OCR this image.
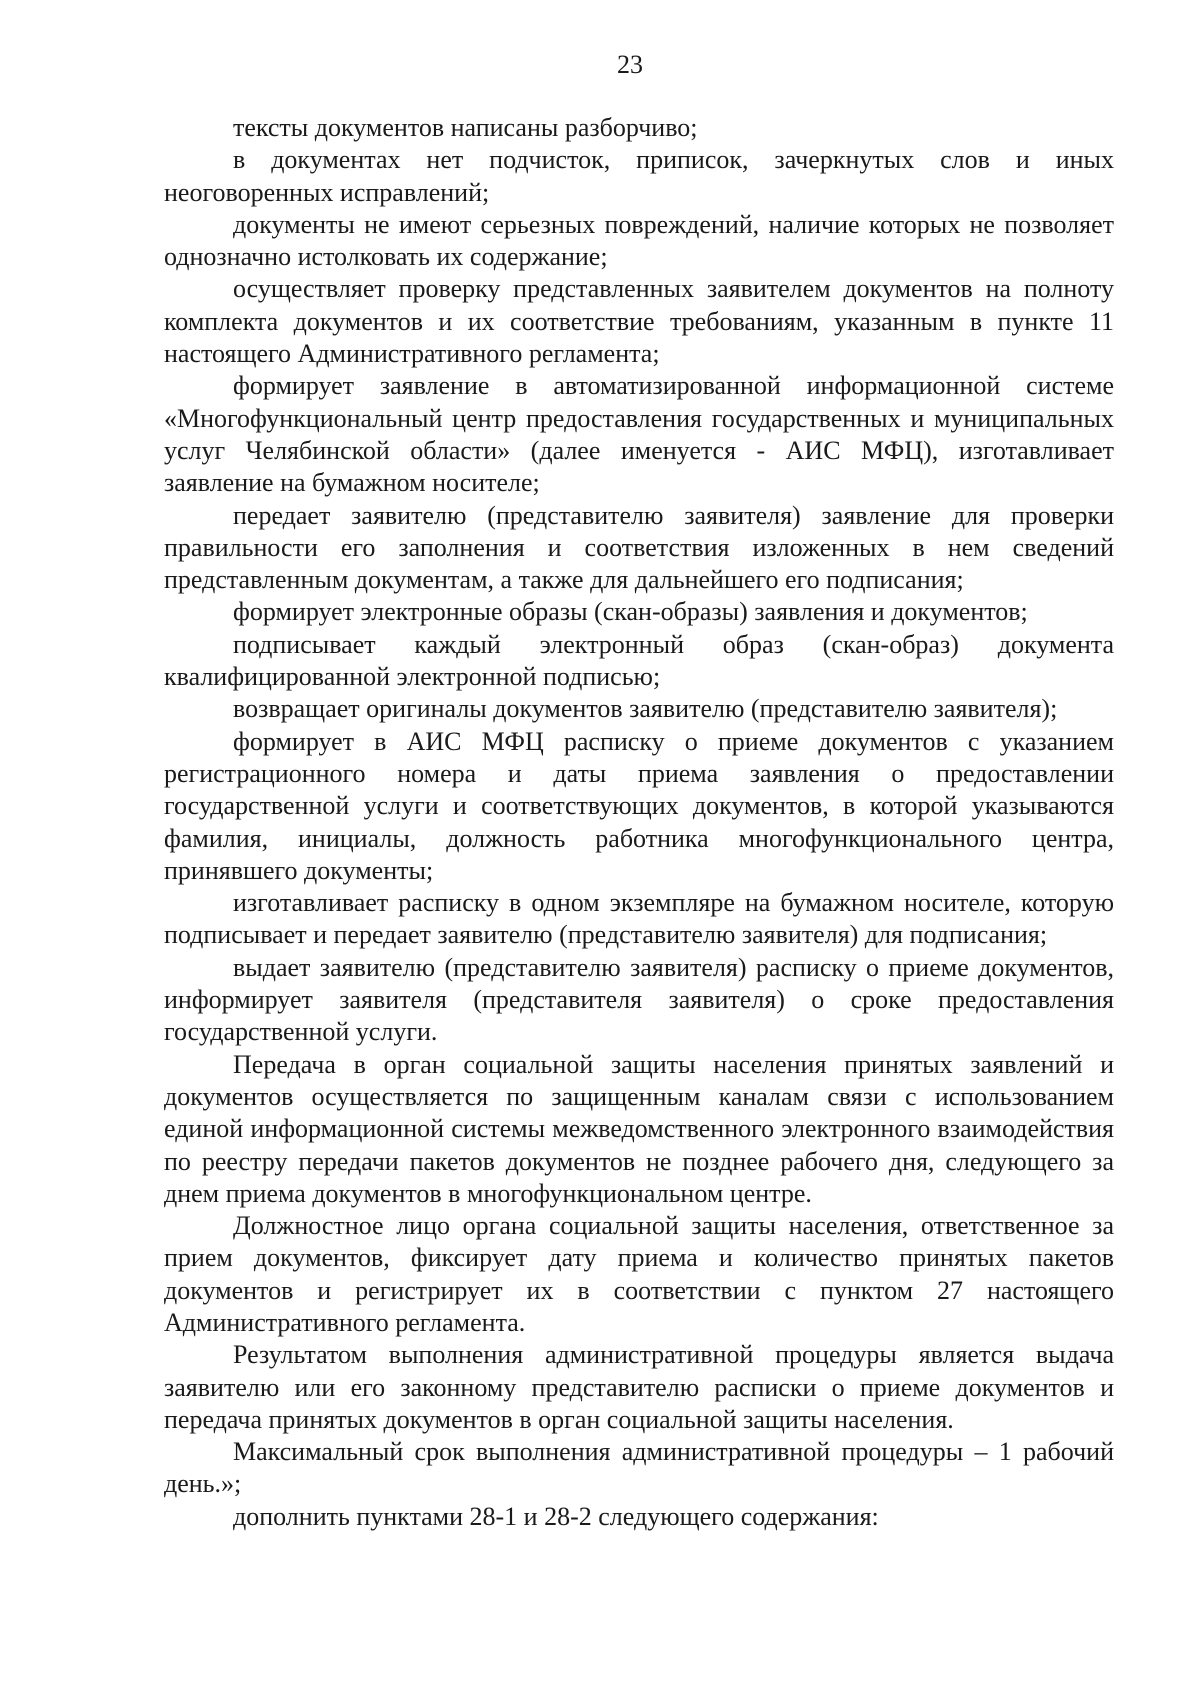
23

тексты документов написаны разборчиво;

в документах нет подчисток, приписок, зачеркнутых слов и иных неоговоренных исправлений;

документы не имеют серьезных повреждений, наличие которых не позволяет однозначно истолковать их содержание;

осуществляет проверку представленных заявителем документов на полноту комплекта документов и их соответствие требованиям, указанным в пункте 11 настоящего Административного регламента;

формирует заявление в автоматизированной информационной системе «Многофункциональный центр предоставления государственных и муниципальных услуг Челябинской области» (далее именуется - АИС МФЦ), изготавливает заявление на бумажном носителе;

передает заявителю (представителю заявителя) заявление для проверки правильности его заполнения и соответствия изложенных в нем сведений представленным документам, а также для дальнейшего его подписания;

формирует электронные образы (скан-образы) заявления и документов;

подписывает каждый электронный образ (скан-образ) документа квалифицированной электронной подписью;

возвращает оригиналы документов заявителю (представителю заявителя);

формирует в АИС МФЦ расписку о приеме документов с указанием регистрационного номера и даты приема заявления о предоставлении государственной услуги и соответствующих документов, в которой указываются фамилия, инициалы, должность работника многофункционального центра, принявшего документы;

изготавливает расписку в одном экземпляре на бумажном носителе, которую подписывает и передает заявителю (представителю заявителя) для подписания;

выдает заявителю (представителю заявителя) расписку о приеме документов, информирует заявителя (представителя заявителя) о сроке предоставления государственной услуги.

Передача в орган социальной защиты населения принятых заявлений и документов осуществляется по защищенным каналам связи с использованием единой информационной системы межведомственного электронного взаимодействия по реестру передачи пакетов документов не позднее рабочего дня, следующего за днем приема документов в многофункциональном центре.

Должностное лицо органа социальной защиты населения, ответственное за прием документов, фиксирует дату приема и количество принятых пакетов документов и регистрирует их в соответствии с пунктом 27 настоящего Административного регламента.

Результатом выполнения административной процедуры является выдача заявителю или его законному представителю расписки о приеме документов и передача принятых документов в орган социальной защиты населения.

Максимальный срок выполнения административной процедуры – 1 рабочий день.»;

дополнить пунктами 28-1 и 28-2 следующего содержания:
